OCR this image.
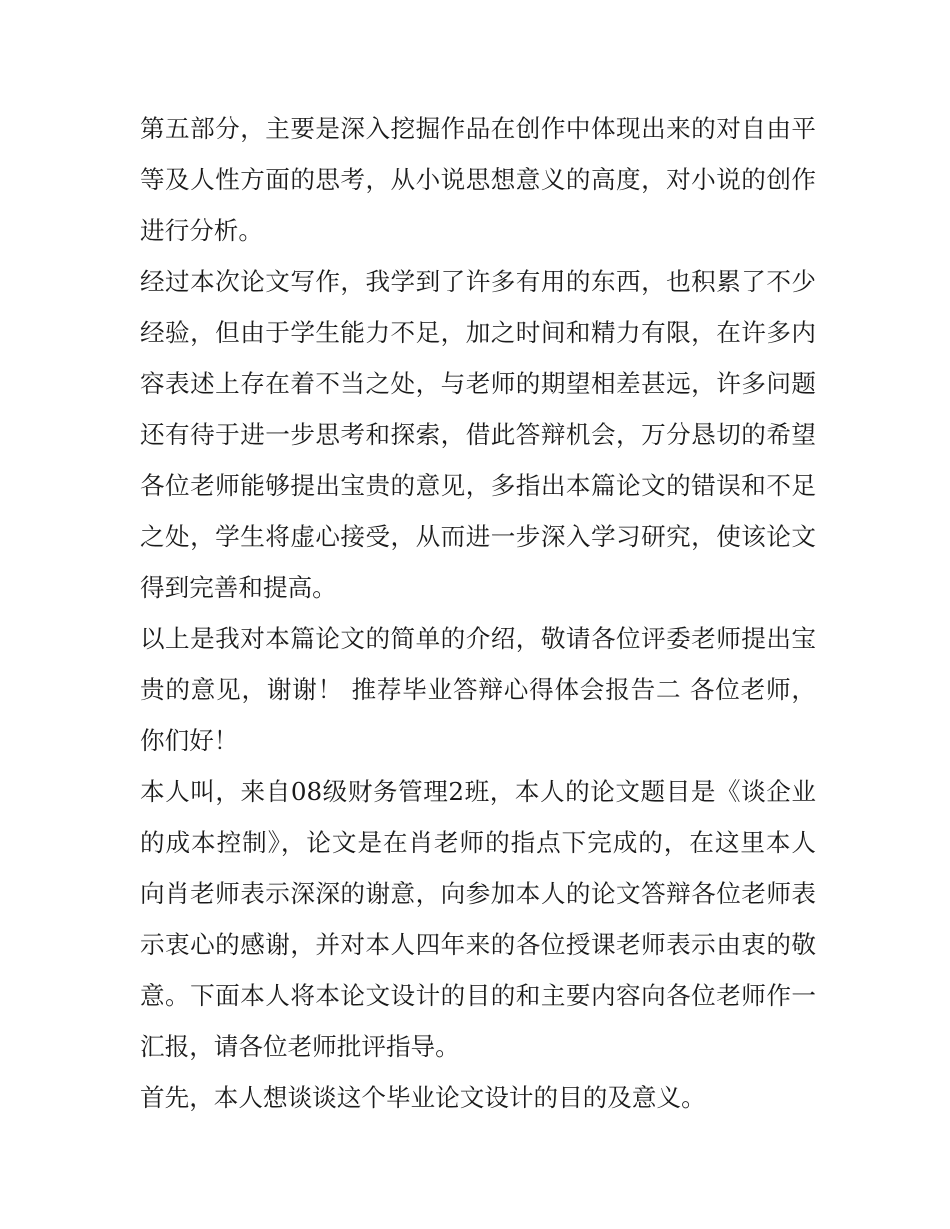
第五部分，主要是深入挖掘作品在创作中体现出来的对自由平等及人性方面的思考，从小说思想意义的高度，对小说的创作进行分析。

经过本次论文写作，我学到了许多有用的东西，也积累了不少经验，但由于学生能力不足，加之时间和精力有限，在许多内容表述上存在着不当之处，与老师的期望相差甚远，许多问题还有待于进一步思考和探索，借此答辩机会，万分恳切的希望各位老师能够提出宝贵的意见，多指出本篇论文的错误和不足之处，学生将虚心接受，从而进一步深入学习研究，使该论文得到完善和提高。

以上是我对本篇论文的简单的介绍，敬请各位评委老师提出宝贵的意见，谢谢！ 推荐毕业答辩心得体会报告二 各位老师，你们好！

本人叫，来自08级财务管理2班，本人的论文题目是《谈企业的成本控制》，论文是在肖老师的指点下完成的，在这里本人向肖老师表示深深的谢意，向参加本人的论文答辩各位老师表示衷心的感谢，并对本人四年来的各位授课老师表示由衷的敬意。下面本人将本论文设计的目的和主要内容向各位老师作一汇报，请各位老师批评指导。

首先，本人想谈谈这个毕业论文设计的目的及意义。
